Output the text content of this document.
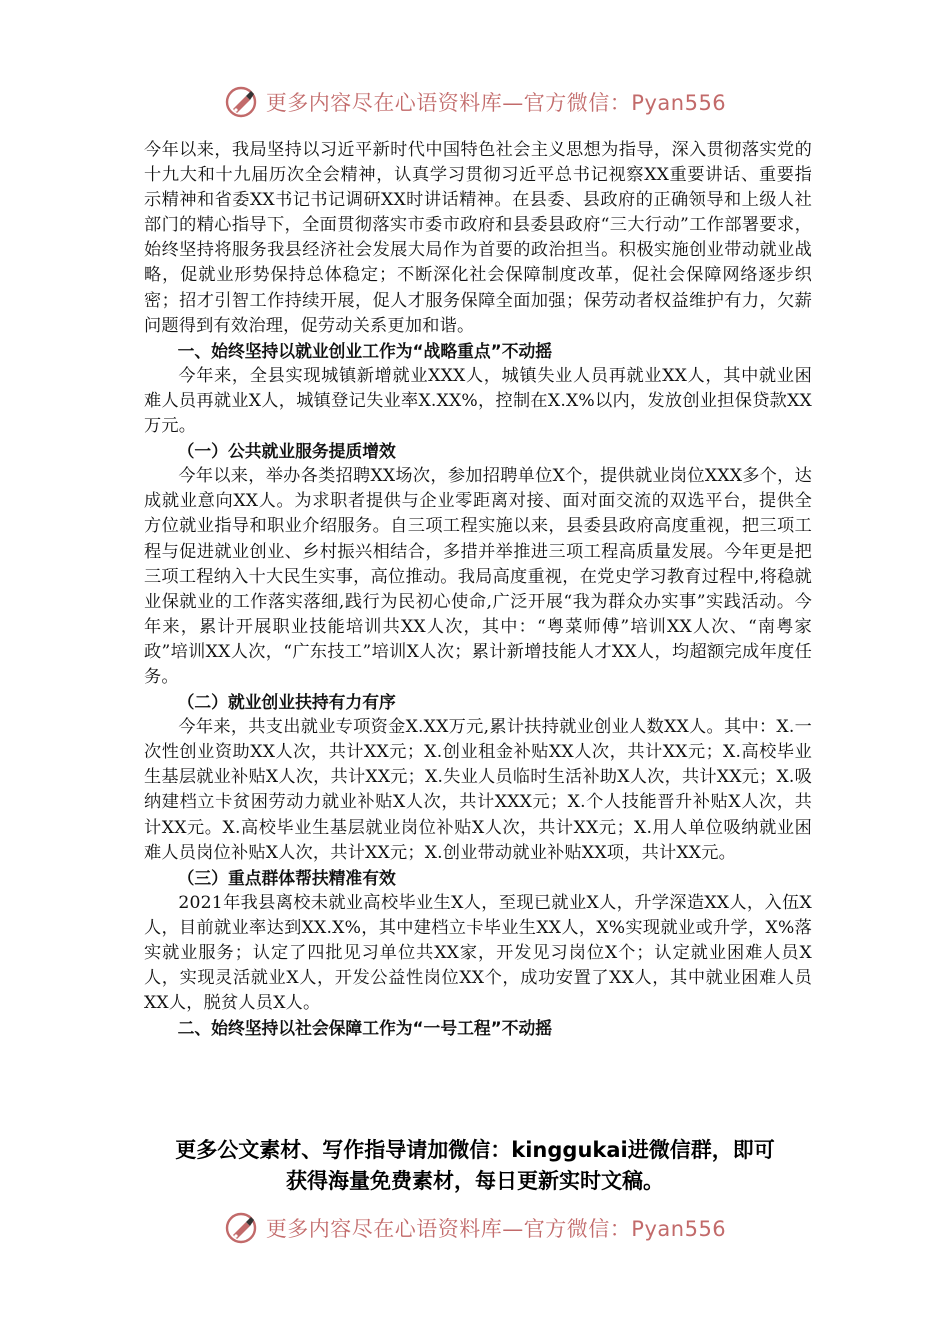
更多内容尽在心语资料库—官方微信：Pyan556

今年以来，我局坚持以习近平新时代中国特色社会主义思想为指导，深入贯彻落实党的十九大和十九届历次全会精神，认真学习贯彻习近平总书记视察XX重要讲话、重要指示精神和省委XX书记书记调研XX时讲话精神。在县委、县政府的正确领导和上级人社部门的精心指导下，全面贯彻落实市委市政府和县委县政府“三大行动”工作部署要求，始终坚持将服务我县经济社会发展大局作为首要的政治担当。积极实施创业带动就业战略，促就业形势保持总体稳定；不断深化社会保障制度改革，促社会保障网络逐步织密；招才引智工作持续开展，促人才服务保障全面加强；保劳动者权益维护有力，欠薪问题得到有效治理，促劳动关系更加和谐。

一、始终坚持以就业创业工作为“战略重点”不动摇

今年来，全县实现城镇新增就业XXX人，城镇失业人员再就业XX人，其中就业困难人员再就业X人，城镇登记失业率X.XX%，控制在X.X%以内，发放创业担保贷款XX万元。

（一）公共就业服务提质增效

今年以来，举办各类招聘XX场次，参加招聘单位X个，提供就业岗位XXX多个，达成就业意向XX人。为求职者提供与企业零距离对接、面对面交流的双选平台，提供全方位就业指导和职业介绍服务。自三项工程实施以来，县委县政府高度重视，把三项工程与促进就业创业、乡村振兴相结合，多措并举推进三项工程高质量发展。今年更是把三项工程纳入十大民生实事，高位推动。我局高度重视，在党史学习教育过程中,将稳就业保就业的工作落实落细,践行为民初心使命,广泛开展“我为群众办实事”实践活动。今年来，累计开展职业技能培训共XX人次，其中：“粤菜师傅”培训XX人次、“南粤家政”培训XX人次，“广东技工”培训X人次；累计新增技能人才XX人，均超额完成年度任务。

（二）就业创业扶持有力有序

今年来，共支出就业专项资金X.XX万元,累计扶持就业创业人数XX人。其中：X.一次性创业资助XX人次，共计XX元；X.创业租金补贴XX人次，共计XX元；X.高校毕业生基层就业补贴X人次，共计XX元；X.失业人员临时生活补助X人次，共计XX元；X.吸纳建档立卡贫困劳动力就业补贴X人次，共计XXX元；X.个人技能晋升补贴X人次，共计XX元。X.高校毕业生基层就业岗位补贴X人次，共计XX元；X.用人单位吸纳就业困难人员岗位补贴X人次，共计XX元；X.创业带动就业补贴XX项，共计XX元。

（三）重点群体帮扶精准有效

2021年我县离校未就业高校毕业生X人，至现已就业X人，升学深造XX人，入伍X人，目前就业率达到XX.X%，其中建档立卡毕业生XX人，X%实现就业或升学，X%落实就业服务；认定了四批见习单位共XX家，开发见习岗位X个；认定就业困难人员X人，实现灵活就业X人，开发公益性岗位XX个，成功安置了XX人，其中就业困难人员XX人，脱贫人员X人。

二、始终坚持以社会保障工作为“一号工程”不动摇

更多公文素材、写作指导请加微信：kinggukai进微信群，即可
获得海量免费素材，每日更新实时文稿。
更多内容尽在心语资料库—官方微信：Pyan556
